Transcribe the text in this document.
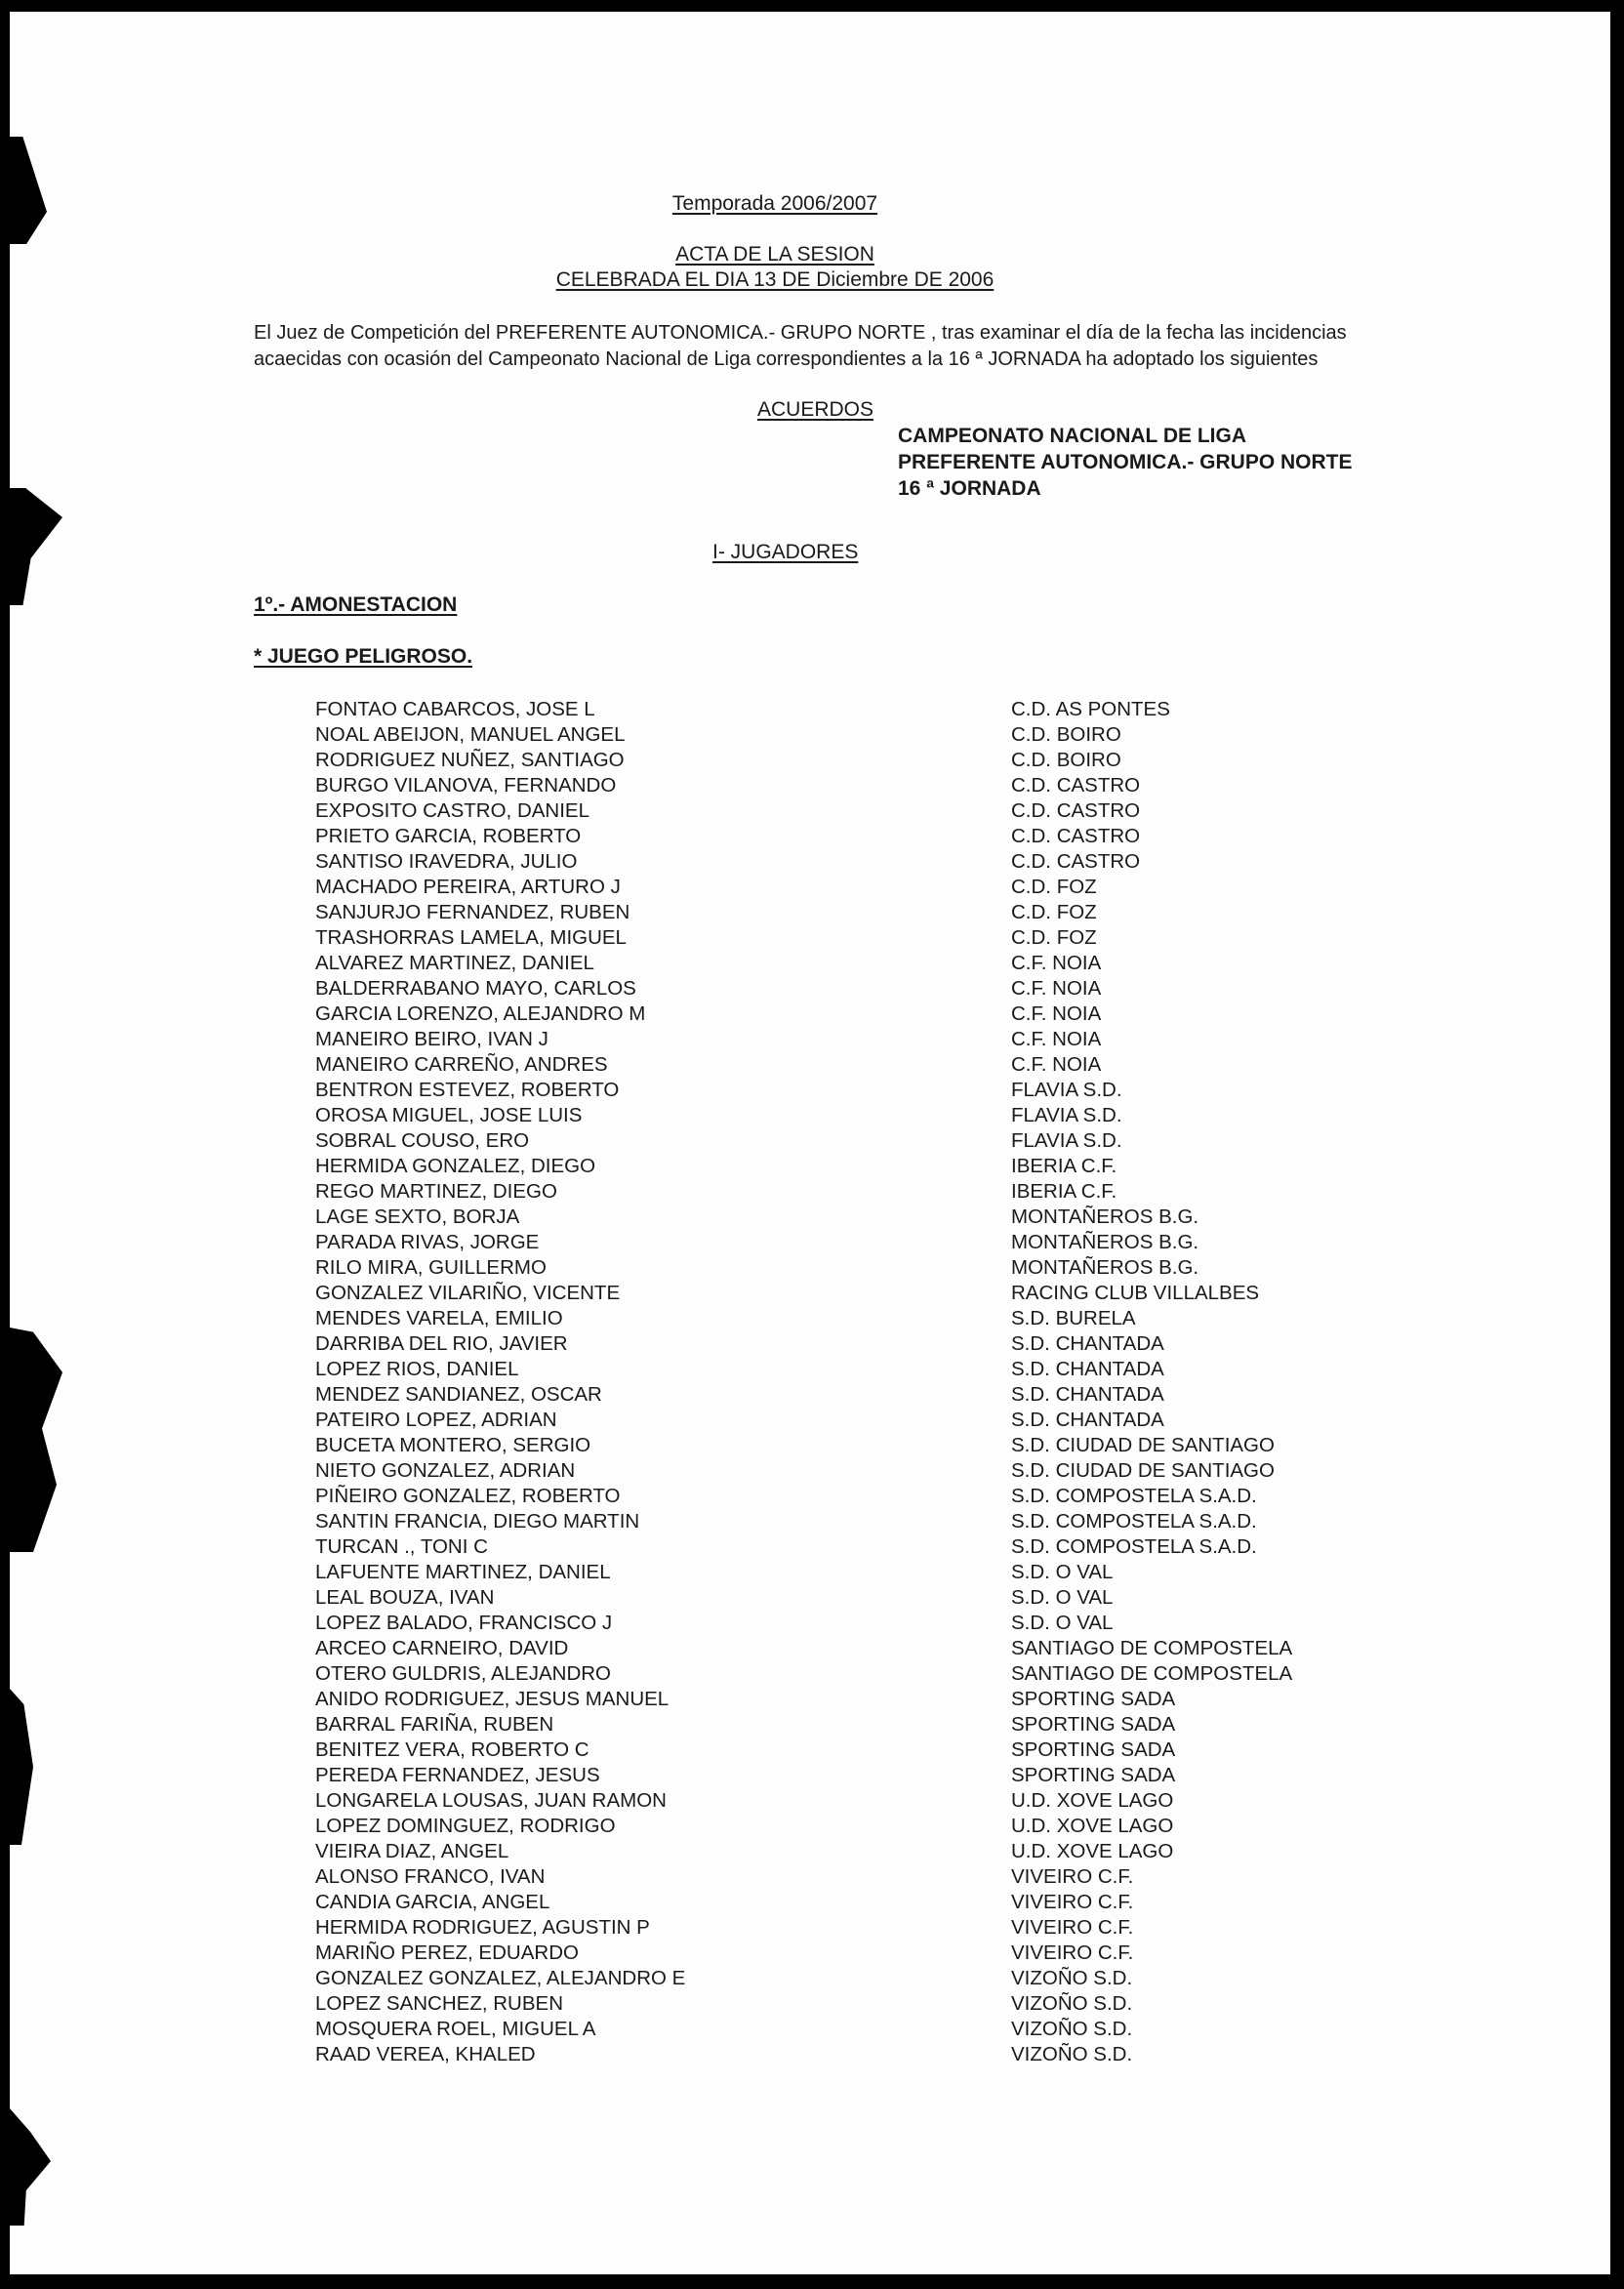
Temporada 2006/2007
ACTA DE LA SESION
CELEBRADA EL DIA 13 DE Diciembre DE 2006
El Juez de Competición del PREFERENTE AUTONOMICA.- GRUPO NORTE , tras examinar el día de la fecha las incidencias
acaecidas con ocasión del Campeonato Nacional de Liga correspondientes a la 16 ª JORNADA ha adoptado los siguientes
ACUERDOS
CAMPEONATO NACIONAL DE LIGA
PREFERENTE AUTONOMICA.- GRUPO NORTE
16 ª JORNADA
I- JUGADORES
1º.- AMONESTACION
* JUEGO PELIGROSO.
FONTAO CABARCOS, JOSE L	C.D. AS PONTES
NOAL ABEIJON, MANUEL ANGEL	C.D. BOIRO
RODRIGUEZ NUÑEZ, SANTIAGO	C.D. BOIRO
BURGO VILANOVA, FERNANDO	C.D. CASTRO
EXPOSITO CASTRO, DANIEL	C.D. CASTRO
PRIETO GARCIA, ROBERTO	C.D. CASTRO
SANTISO IRAVEDRA, JULIO	C.D. CASTRO
MACHADO PEREIRA, ARTURO J	C.D. FOZ
SANJURJO FERNANDEZ, RUBEN	C.D. FOZ
TRASHORRAS LAMELA, MIGUEL	C.D. FOZ
ALVAREZ MARTINEZ, DANIEL	C.F. NOIA
BALDERRABANO MAYO, CARLOS	C.F. NOIA
GARCIA LORENZO, ALEJANDRO M	C.F. NOIA
MANEIRO BEIRO, IVAN J	C.F. NOIA
MANEIRO CARREÑO, ANDRES	C.F. NOIA
BENTRON ESTEVEZ, ROBERTO	FLAVIA S.D.
OROSA MIGUEL, JOSE LUIS	FLAVIA S.D.
SOBRAL COUSO, ERO	FLAVIA S.D.
HERMIDA GONZALEZ, DIEGO	IBERIA C.F.
REGO MARTINEZ, DIEGO	IBERIA C.F.
LAGE SEXTO, BORJA	MONTAÑEROS B.G.
PARADA RIVAS, JORGE	MONTAÑEROS B.G.
RILO MIRA, GUILLERMO	MONTAÑEROS B.G.
GONZALEZ VILARIÑO, VICENTE	RACING CLUB VILLALBES
MENDES VARELA, EMILIO	S.D. BURELA
DARRIBA DEL RIO, JAVIER	S.D. CHANTADA
LOPEZ RIOS, DANIEL	S.D. CHANTADA
MENDEZ SANDIANEZ, OSCAR	S.D. CHANTADA
PATEIRO LOPEZ, ADRIAN	S.D. CHANTADA
BUCETA MONTERO, SERGIO	S.D. CIUDAD DE SANTIAGO
NIETO GONZALEZ, ADRIAN	S.D. CIUDAD DE SANTIAGO
PIÑEIRO GONZALEZ, ROBERTO	S.D. COMPOSTELA S.A.D.
SANTIN FRANCIA, DIEGO MARTIN	S.D. COMPOSTELA S.A.D.
TURCAN ., TONI C	S.D. COMPOSTELA S.A.D.
LAFUENTE MARTINEZ, DANIEL	S.D. O VAL
LEAL BOUZA, IVAN	S.D. O VAL
LOPEZ BALADO, FRANCISCO J	S.D. O VAL
ARCEO CARNEIRO, DAVID	SANTIAGO DE COMPOSTELA
OTERO GULDRIS, ALEJANDRO	SANTIAGO DE COMPOSTELA
ANIDO RODRIGUEZ, JESUS MANUEL	SPORTING SADA
BARRAL FARIÑA, RUBEN	SPORTING SADA
BENITEZ VERA, ROBERTO C	SPORTING SADA
PEREDA FERNANDEZ, JESUS	SPORTING SADA
LONGARELA LOUSAS, JUAN RAMON	U.D. XOVE LAGO
LOPEZ DOMINGUEZ, RODRIGO	U.D. XOVE LAGO
VIEIRA DIAZ, ANGEL	U.D. XOVE LAGO
ALONSO FRANCO, IVAN	VIVEIRO C.F.
CANDIA GARCIA, ANGEL	VIVEIRO C.F.
HERMIDA RODRIGUEZ, AGUSTIN P	VIVEIRO C.F.
MARIÑO PEREZ, EDUARDO	VIVEIRO C.F.
GONZALEZ GONZALEZ, ALEJANDRO E	VIZOÑO S.D.
LOPEZ SANCHEZ, RUBEN	VIZOÑO S.D.
MOSQUERA ROEL, MIGUEL A	VIZOÑO S.D.
RAAD VEREA, KHALED	VIZOÑO S.D.
